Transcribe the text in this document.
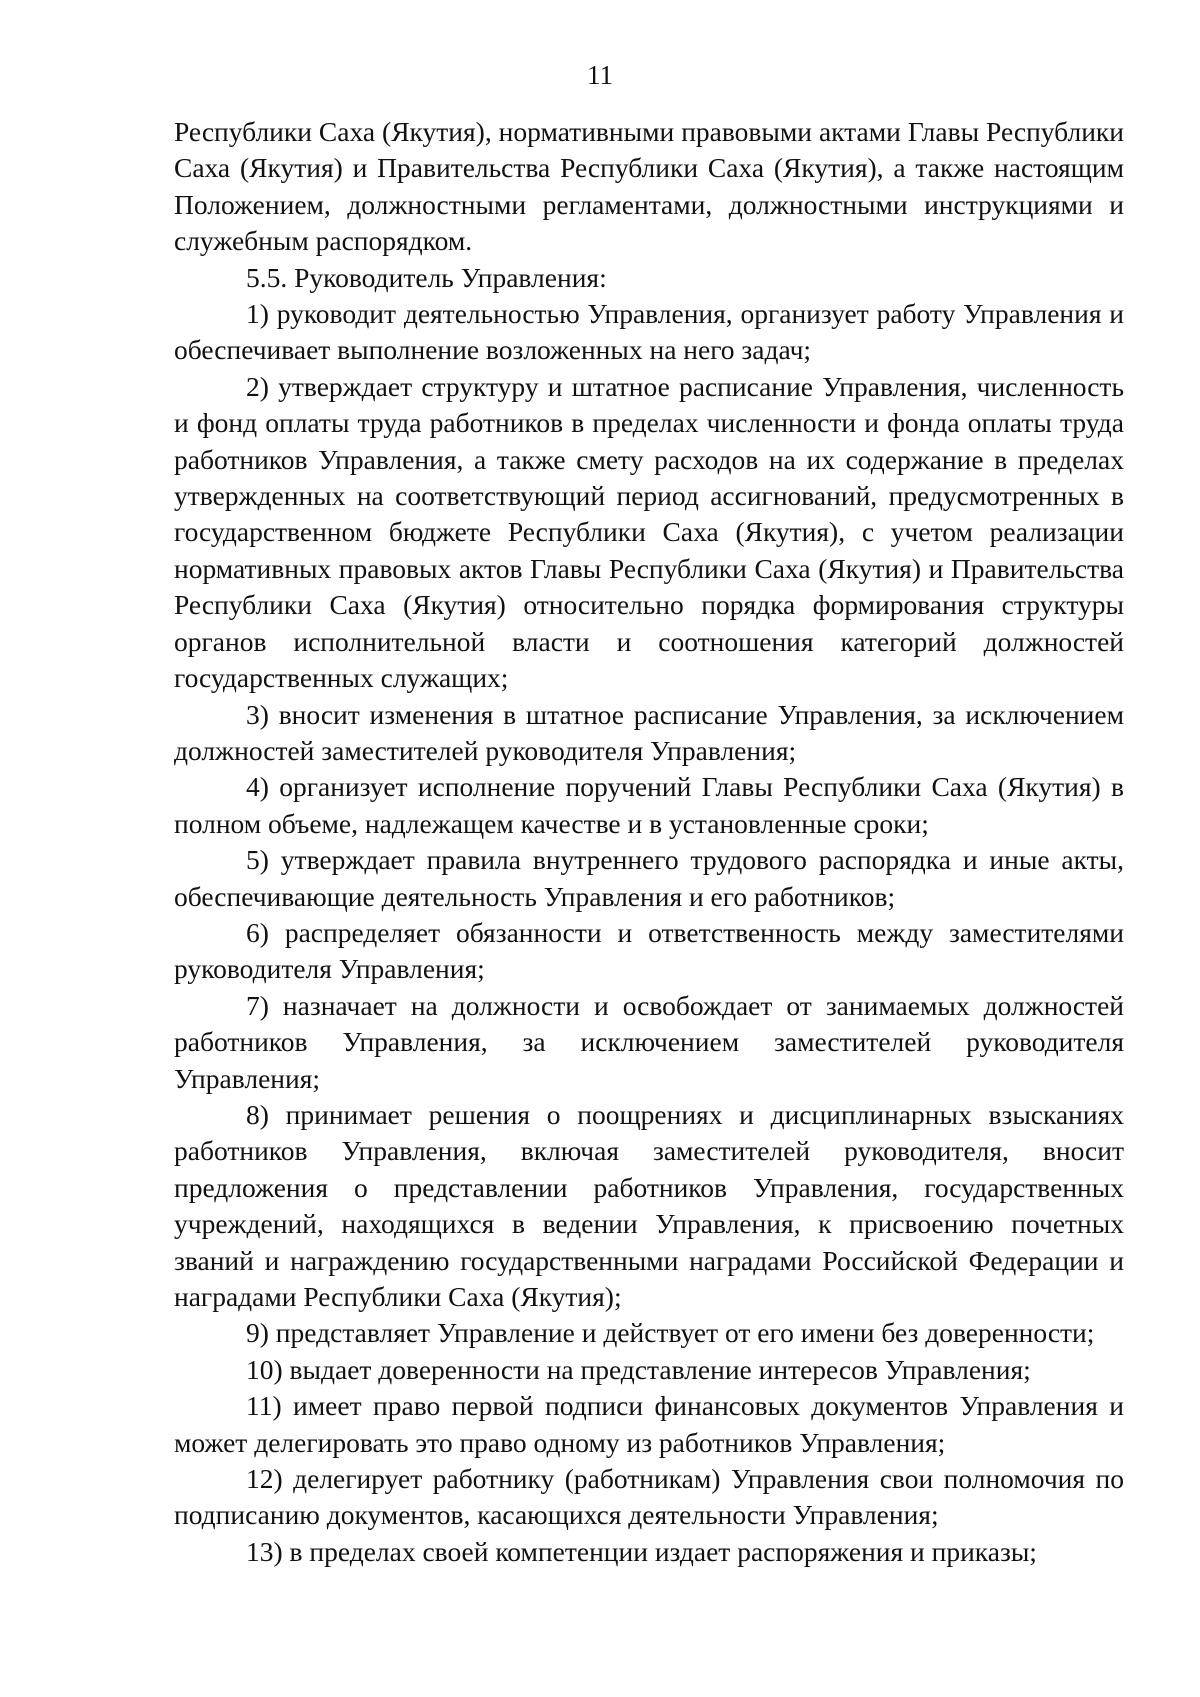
11

Республики Саха (Якутия), нормативными правовыми актами Главы Республики Саха (Якутия) и Правительства Республики Саха (Якутия), а также настоящим Положением, должностными регламентами, должностными инструкциями и служебным распорядком.

5.5. Руководитель Управления:

1) руководит деятельностью Управления, организует работу Управления и обеспечивает выполнение возложенных на него задач;

2) утверждает структуру и штатное расписание Управления, численность и фонд оплаты труда работников в пределах численности и фонда оплаты труда работников Управления, а также смету расходов на их содержание в пределах утвержденных на соответствующий период ассигнований, предусмотренных в государственном бюджете Республики Саха (Якутия), с учетом реализации нормативных правовых актов Главы Республики Саха (Якутия) и Правительства Республики Саха (Якутия) относительно порядка формирования структуры органов исполнительной власти и соотношения категорий должностей государственных служащих;

3) вносит изменения в штатное расписание Управления, за исключением должностей заместителей руководителя Управления;

4) организует исполнение поручений Главы Республики Саха (Якутия) в полном объеме, надлежащем качестве и в установленные сроки;

5) утверждает правила внутреннего трудового распорядка и иные акты, обеспечивающие деятельность Управления и его работников;

6) распределяет обязанности и ответственность между заместителями руководителя Управления;

7) назначает на должности и освобождает от занимаемых должностей работников Управления, за исключением заместителей руководителя Управления;

8) принимает решения о поощрениях и дисциплинарных взысканиях работников Управления, включая заместителей руководителя, вносит предложения о представлении работников Управления, государственных учреждений, находящихся в ведении Управления, к присвоению почетных званий и награждению государственными наградами Российской Федерации и наградами Республики Саха (Якутия);

9) представляет Управление и действует от его имени без доверенности;

10) выдает доверенности на представление интересов Управления;

11) имеет право первой подписи финансовых документов Управления и может делегировать это право одному из работников Управления;

12) делегирует работнику (работникам) Управления свои полномочия по подписанию документов, касающихся деятельности Управления;

13) в пределах своей компетенции издает распоряжения и приказы;
